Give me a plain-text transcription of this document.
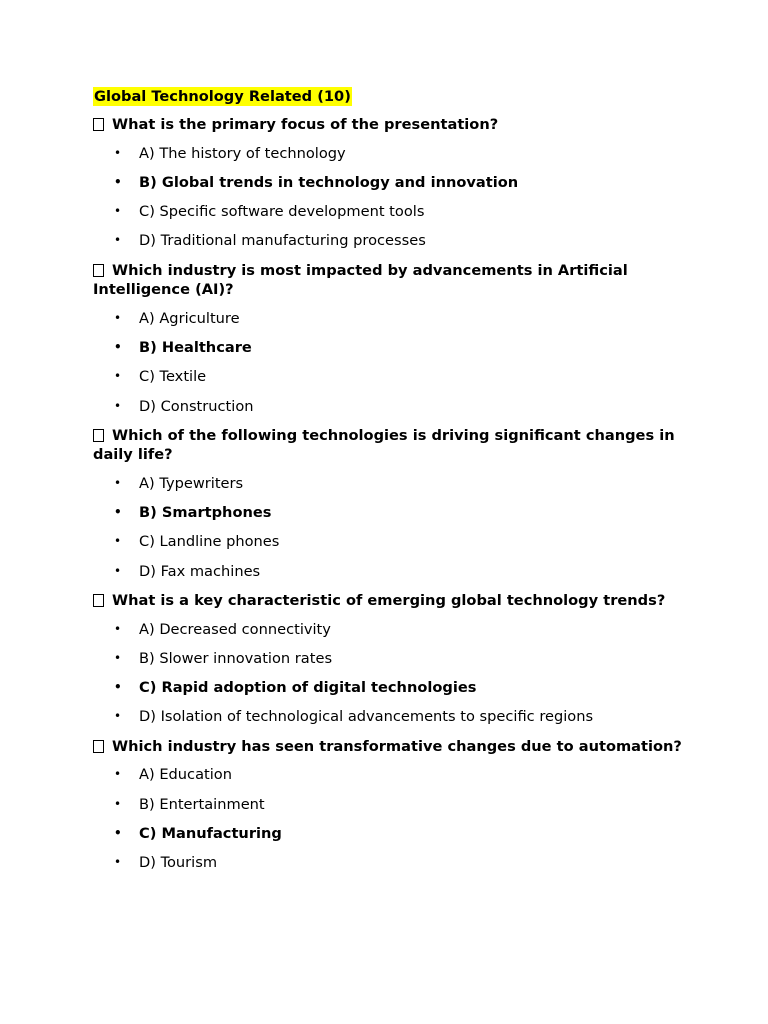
Global Technology Related (10)
What is the primary focus of the presentation?
• A) The history of technology
• B) Global trends in technology and innovation
• C) Specific software development tools
• D) Traditional manufacturing processes
Which industry is most impacted by advancements in Artificial Intelligence (AI)?
• A) Agriculture
• B) Healthcare
• C) Textile
• D) Construction
Which of the following technologies is driving significant changes in daily life?
• A) Typewriters
• B) Smartphones
• C) Landline phones
• D) Fax machines
What is a key characteristic of emerging global technology trends?
• A) Decreased connectivity
• B) Slower innovation rates
• C) Rapid adoption of digital technologies
• D) Isolation of technological advancements to specific regions
Which industry has seen transformative changes due to automation?
• A) Education
• B) Entertainment
• C) Manufacturing
• D) Tourism
